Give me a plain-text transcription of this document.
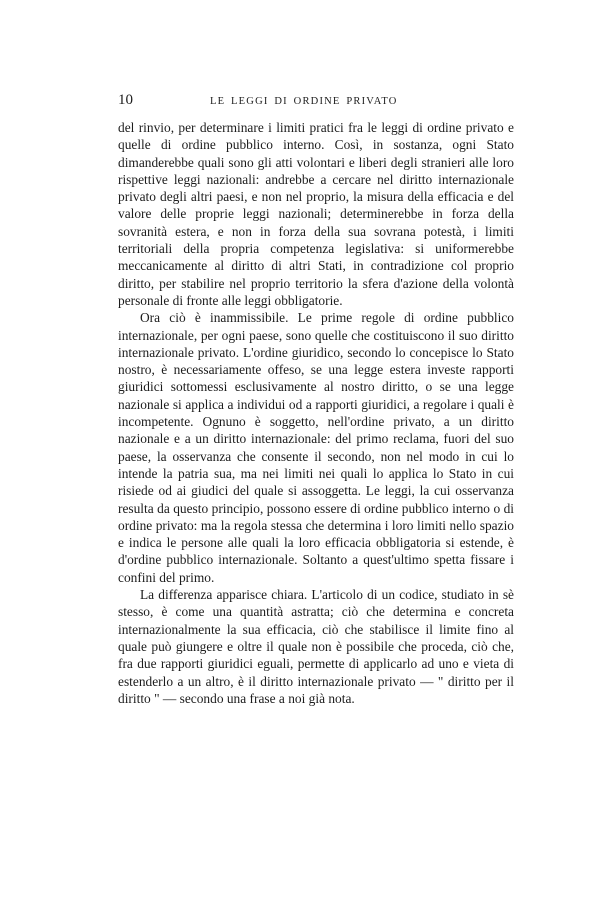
10	LE LEGGI DI ORDINE PRIVATO

del rinvio, per determinare i limiti pratici fra le leggi di ordine privato e quelle di ordine pubblico interno. Così, in sostanza, ogni Stato dimanderebbe quali sono gli atti volontari e liberi degli stranieri alle loro rispettive leggi nazionali: andrebbe a cercare nel diritto internazionale privato degli altri paesi, e non nel proprio, la misura della efficacia e del valore delle proprie leggi nazionali; determinerebbe in forza della sovranità estera, e non in forza della sua sovrana potestà, i limiti territoriali della propria competenza legislativa: si uniformerebbe meccanicamente al diritto di altri Stati, in contradizione col proprio diritto, per stabilire nel proprio territorio la sfera d'azione della volontà personale di fronte alle leggi obbligatorie.

Ora ciò è inammissibile. Le prime regole di ordine pubblico internazionale, per ogni paese, sono quelle che costituiscono il suo diritto internazionale privato. L'ordine giuridico, secondo lo concepisce lo Stato nostro, è necessariamente offeso, se una legge estera investe rapporti giuridici sottomessi esclusivamente al nostro diritto, o se una legge nazionale si applica a individui od a rapporti giuridici, a regolare i quali è incompetente. Ognuno è soggetto, nell'ordine privato, a un diritto nazionale e a un diritto internazionale: del primo reclama, fuori del suo paese, la osservanza che consente il secondo, non nel modo in cui lo intende la patria sua, ma nei limiti nei quali lo applica lo Stato in cui risiede od ai giudici del quale si assoggetta. Le leggi, la cui osservanza resulta da questo principio, possono essere di ordine pubblico interno o di ordine privato: ma la regola stessa che determina i loro limiti nello spazio e indica le persone alle quali la loro efficacia obbligatoria si estende, è d'ordine pubblico internazionale. Soltanto a quest'ultimo spetta fissare i confini del primo.

La differenza apparisce chiara. L'articolo di un codice, studiato in sè stesso, è come una quantità astratta; ciò che determina e concreta internazionalmente la sua efficacia, ciò che stabilisce il limite fino al quale può giungere e oltre il quale non è possibile che proceda, ciò che, fra due rapporti giuridici eguali, permette di applicarlo ad uno e vieta di estenderlo a un altro, è il diritto internazionale privato — " diritto per il diritto " — secondo una frase a noi già nota.
